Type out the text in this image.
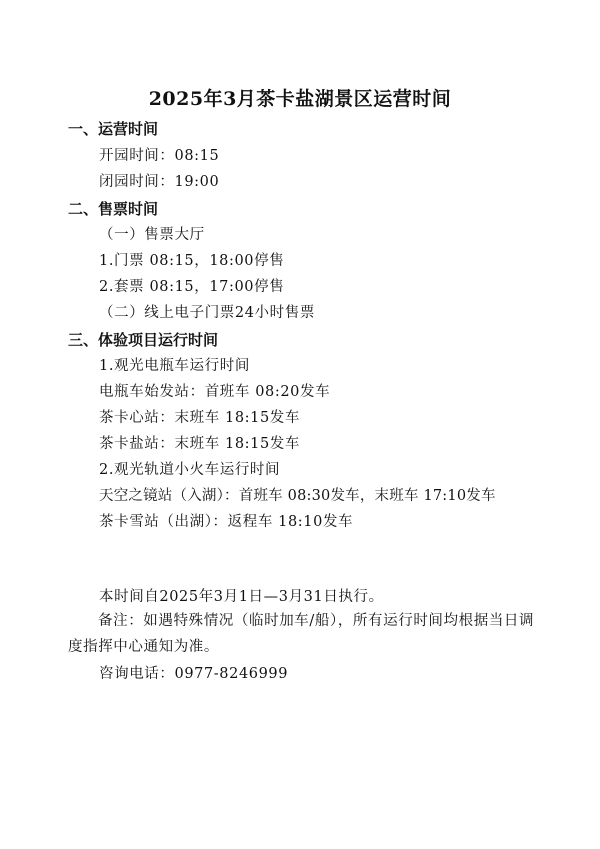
2025年3月茶卡盐湖景区运营时间
一、运营时间
开园时间：08:15
闭园时间：19:00
二、售票时间
（一）售票大厅
1.门票 08:15，18:00停售
2.套票 08:15，17:00停售
（二）线上电子门票24小时售票
三、体验项目运行时间
1.观光电瓶车运行时间
电瓶车始发站：首班车 08:20发车
茶卡心站：末班车 18:15发车
茶卡盐站：末班车 18:15发车
2.观光轨道小火车运行时间
天空之镜站（入湖）：首班车 08:30发车，末班车 17:10发车
茶卡雪站（出湖）：返程车 18:10发车
本时间自2025年3月1日—3月31日执行。
备注：如遇特殊情况（临时加车/船），所有运行时间均根据当日调度指挥中心通知为准。
咨询电话：0977-8246999
